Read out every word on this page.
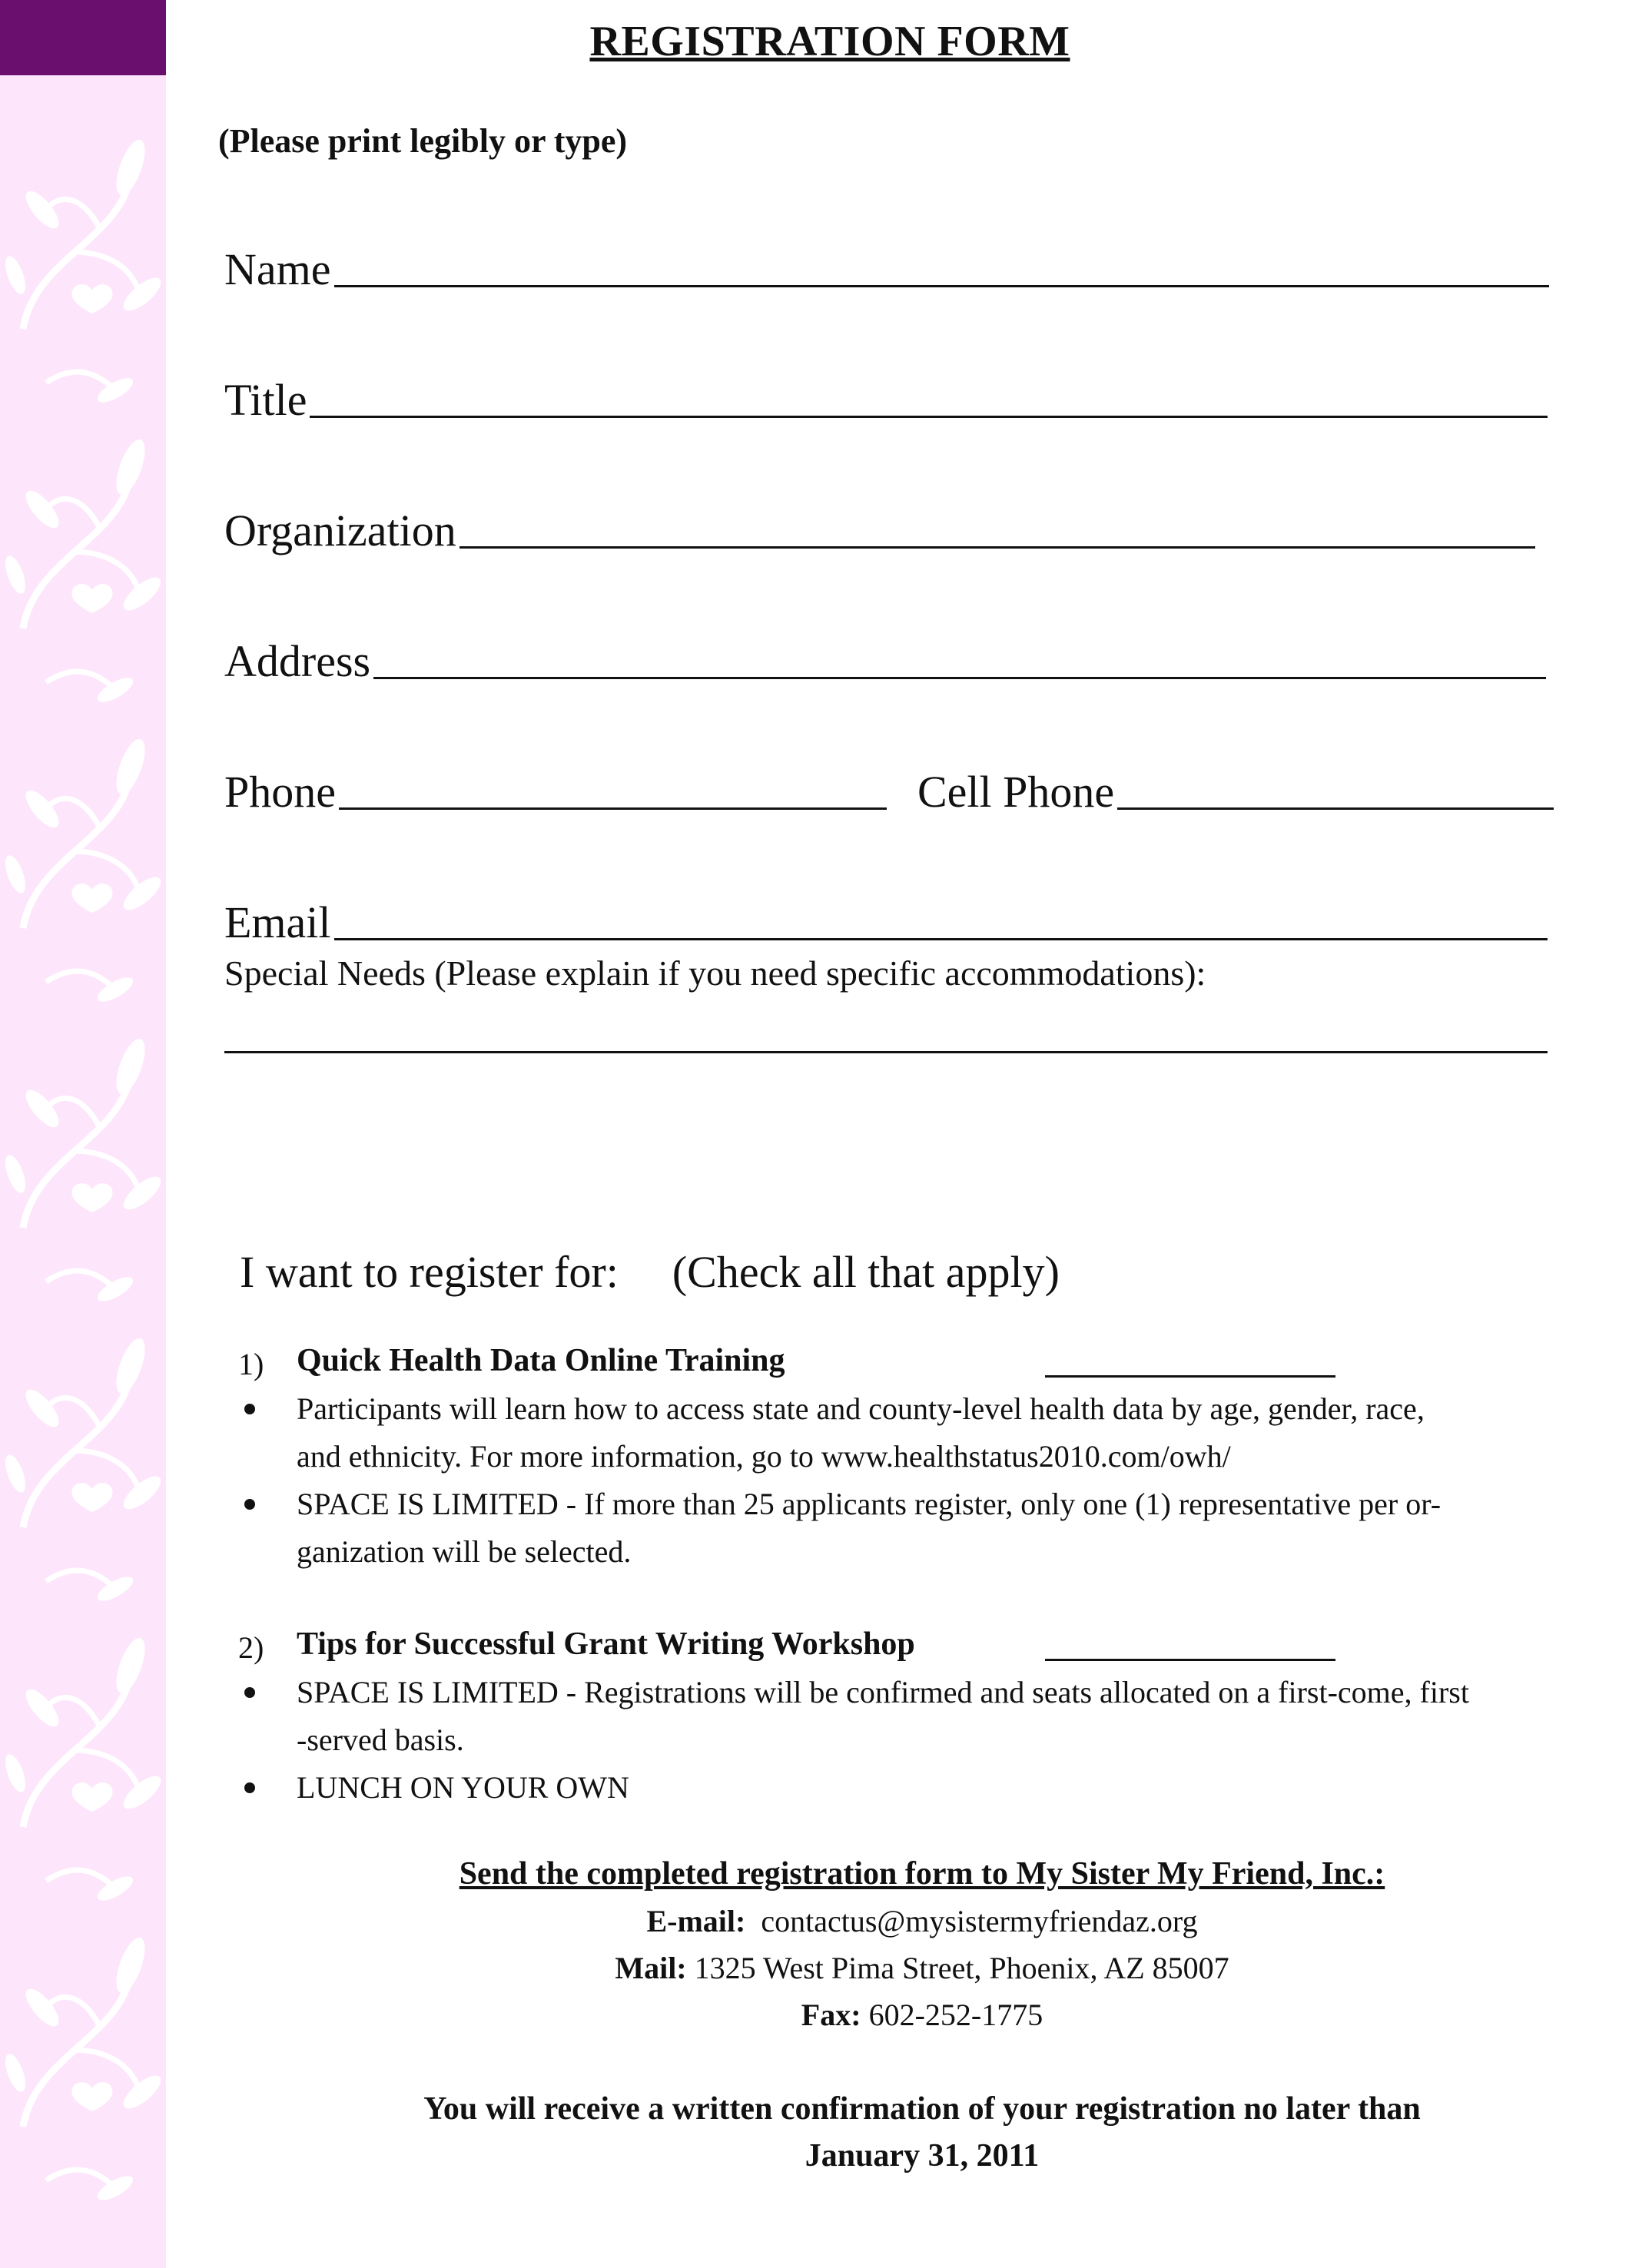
REGISTRATION FORM
(Please print legibly or type)
Name
Title
Organization
Address
Phone	Cell Phone
Email
Special Needs (Please explain if you need specific accommodations):
I want to register for: (Check all that apply)
1) Quick Health Data Online Training
Participants will learn how to access state and county-level health data by age, gender, race,
and ethnicity. For more information, go to www.healthstatus2010.com/owh/
SPACE IS LIMITED - If more than 25 applicants register, only one (1) representative per or-
ganization will be selected.
2) Tips for Successful Grant Writing Workshop
SPACE IS LIMITED - Registrations will be confirmed and seats allocated on a first-come, first
-served basis.
LUNCH ON YOUR OWN
Send the completed registration form to My Sister My Friend, Inc.:
E-mail: contactus@mysistermyfriendaz.org
Mail: 1325 West Pima Street, Phoenix, AZ 85007
Fax: 602-252-1775
You will receive a written confirmation of your registration no later than
January 31, 2011
